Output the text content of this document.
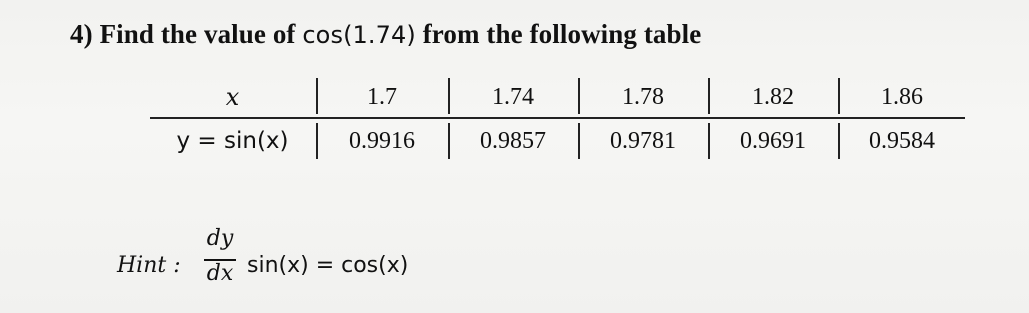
4) Find the value of cos(1.74) from the following table
x	1.7	1.74	1.78	1.82	1.86
y = sin(x)	0.9916	0.9857	0.9781	0.9691	0.9584
Hint :
dy
dx sin(x) = cos(x)
